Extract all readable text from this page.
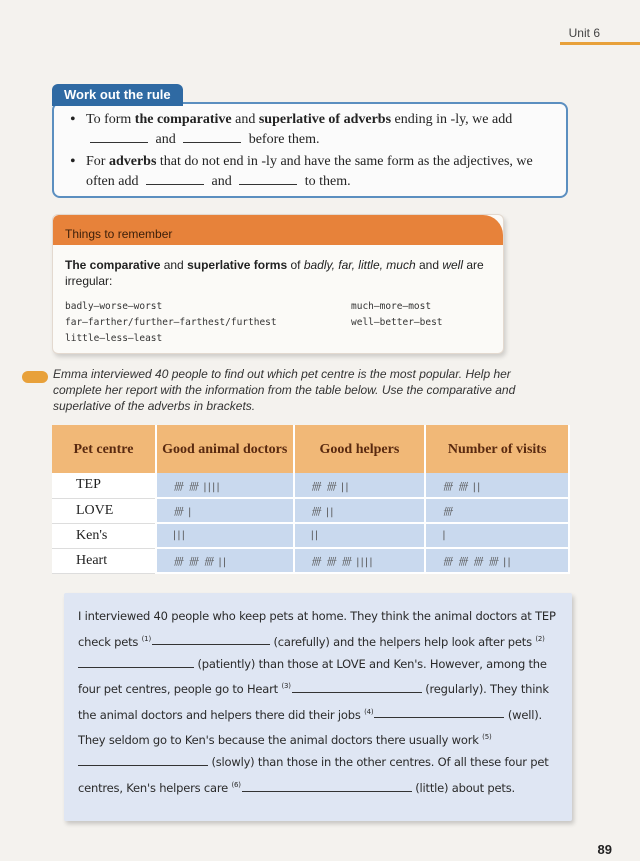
Unit 6
Work out the rule
• To form the comparative and superlative of adverbs ending in -ly, we add  and	before them.
• For adverbs that do not end in -ly and have the same form as the adjectives, we often add	and	to them.
Things to remember
The comparative and superlative forms of badly, far, little, much and well are irregular:
badly—worse—worst
far—farther/further—farthest/furthest
little—less—least
much—more—most
well—better—best
Emma interviewed 40 people to find out which pet centre is the most popular. Help her complete her report with the information from the table below. Use the comparative and superlative of the adverbs in brackets.
Pet centre	Good animal doctors	Good helpers	Number of visits
TEP	卌 卌 ||||	卌 卌 ||	卌 卌 ||
LOVE	卌 |	卌 ||	卌
Ken's	|||	||	|
Heart	卌 卌 卌 ||	卌 卌 卌 ||||	卌 卌 卌 卌 ||
I interviewed 40 people who keep pets at home. They think the animal doctors at TEP check pets $^{(1)}$	(carefully) and the helpers help look after pets $^{(2)}$ (patiently) than those at LOVE and Ken's. However, among the four pet centres, people go to Heart $^{(3)}$	(regularly). They think the animal doctors and helpers there did their jobs $^{(4)}$	(well). They seldom go to Ken's because the animal doctors there usually work $^{(5)}$ (slowly) than those in the other centres. Of all these four pet centres, Ken's helpers care $^{(6)}$	(little) about pets.
89
